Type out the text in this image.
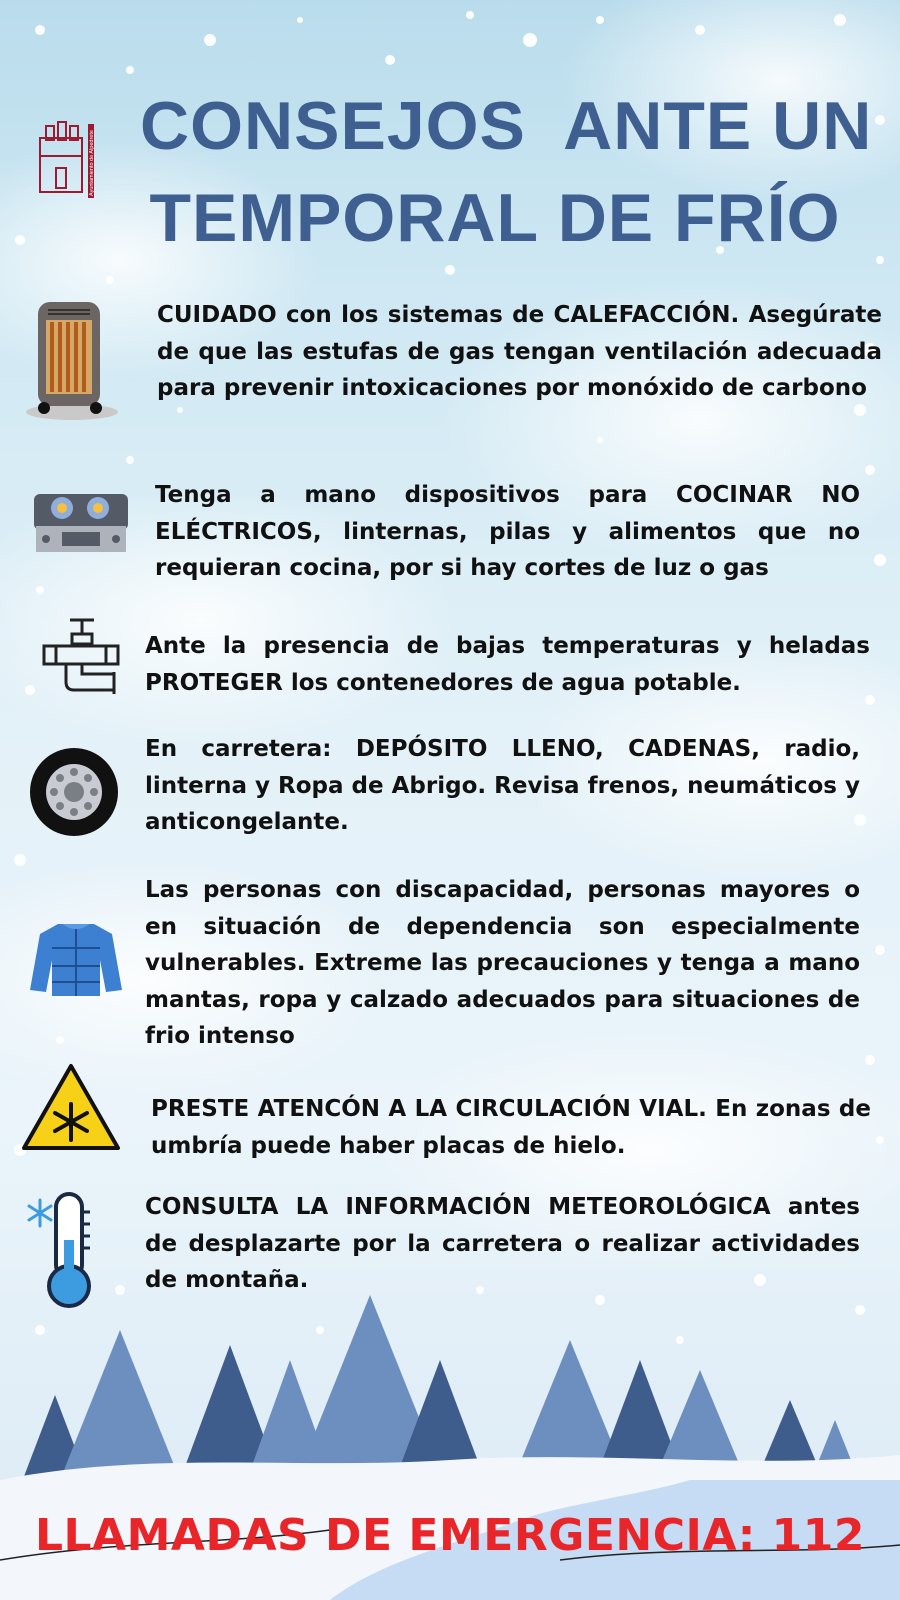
Ayuntamiento de Alpedrete CONSEJOS  ANTE UN
TEMPORAL DE FRÍO
CUIDADO con los sistemas de CALEFACCIÓN. Asegúrate de que las estufas de gas tengan ventilación adecuada para prevenir intoxicaciones por monóxido de carbono
Tenga a mano dispositivos para COCINAR NO ELÉCTRICOS, linternas, pilas y alimentos que no requieran cocina, por si hay cortes de luz o gas
Ante la presencia de bajas temperaturas y heladas PROTEGER los contenedores de agua potable.
En carretera: DEPÓSITO LLENO, CADENAS, radio, linterna y Ropa de Abrigo. Revisa frenos, neumáticos y anticongelante.
Las personas con discapacidad, personas mayores o en situación de dependencia son especialmente vulnerables. Extreme las precauciones y tenga a mano mantas, ropa y calzado adecuados para situaciones de frio intenso
PRESTE ATENCÓN A LA CIRCULACIÓN VIAL. En zonas de umbría puede haber placas de hielo.
CONSULTA LA INFORMACIÓN METEOROLÓGICA antes de desplazarte por la carretera o realizar actividades de montaña.
LLAMADAS DE EMERGENCIA: 112
